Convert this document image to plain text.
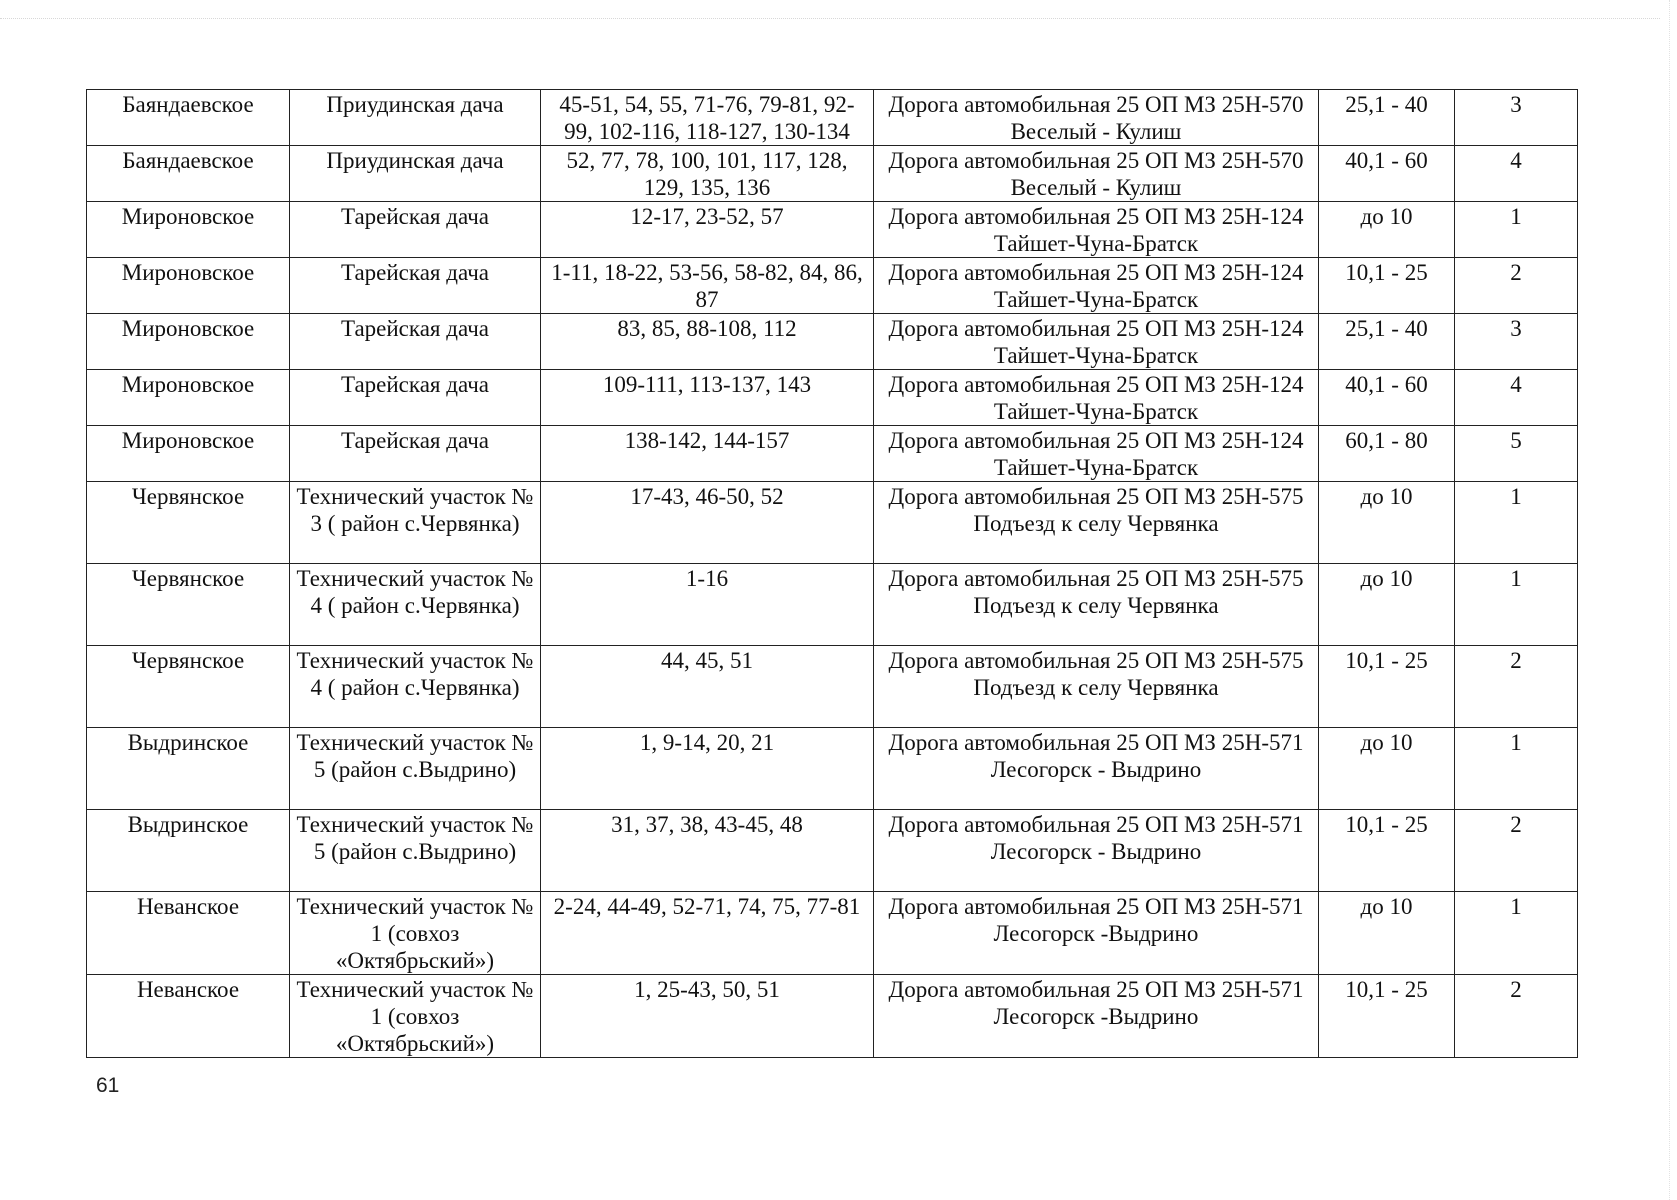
Баяндаевское	Приудинская дача	45-51, 54, 55, 71-76, 79-81, 92-99, 102-116, 118-127, 130-134	Дорога автомобильная 25 ОП МЗ 25Н-570 Веселый - Кулиш	25,1 - 40	3
Баяндаевское	Приудинская дача	52, 77, 78, 100, 101, 117, 128, 129, 135, 136	Дорога автомобильная 25 ОП МЗ 25Н-570 Веселый - Кулиш	40,1 - 60	4
Мироновское	Тарейская дача	12-17, 23-52, 57	Дорога автомобильная 25 ОП МЗ 25Н-124 Тайшет-Чуна-Братск	до 10	1
Мироновское	Тарейская дача	1-11, 18-22, 53-56, 58-82, 84, 86, 87	Дорога автомобильная 25 ОП МЗ 25Н-124 Тайшет-Чуна-Братск	10,1 - 25	2
Мироновское	Тарейская дача	83, 85, 88-108, 112	Дорога автомобильная 25 ОП МЗ 25Н-124 Тайшет-Чуна-Братск	25,1 - 40	3
Мироновское	Тарейская дача	109-111, 113-137, 143	Дорога автомобильная 25 ОП МЗ 25Н-124 Тайшет-Чуна-Братск	40,1 - 60	4
Мироновское	Тарейская дача	138-142, 144-157	Дорога автомобильная 25 ОП МЗ 25Н-124 Тайшет-Чуна-Братск	60,1 - 80	5
Червянское	Технический участок № 3 ( район с.Червянка)	17-43, 46-50, 52	Дорога автомобильная 25 ОП МЗ 25Н-575 Подъезд к селу Червянка	до 10	1
Червянское	Технический участок № 4 ( район с.Червянка)	1-16	Дорога автомобильная 25 ОП МЗ 25Н-575 Подъезд к селу Червянка	до 10	1
Червянское	Технический участок № 4 ( район с.Червянка)	44, 45, 51	Дорога автомобильная 25 ОП МЗ 25Н-575 Подъезд к селу Червянка	10,1 - 25	2
Выдринское	Технический участок № 5 (район с.Выдрино)	1, 9-14, 20, 21	Дорога автомобильная 25 ОП МЗ 25Н-571 Лесогорск - Выдрино	до 10	1
Выдринское	Технический участок № 5 (район с.Выдрино)	31, 37, 38, 43-45, 48	Дорога автомобильная 25 ОП МЗ 25Н-571 Лесогорск - Выдрино	10,1 - 25	2
Неванское	Технический участок № 1 (совхоз «Октябрьский»)	2-24, 44-49, 52-71, 74, 75, 77-81	Дорога автомобильная 25 ОП МЗ 25Н-571 Лесогорск -Выдрино	до 10	1
Неванское	Технический участок № 1 (совхоз «Октябрьский»)	1, 25-43, 50, 51	Дорога автомобильная 25 ОП МЗ 25Н-571 Лесогорск -Выдрино	10,1 - 25	2
61
